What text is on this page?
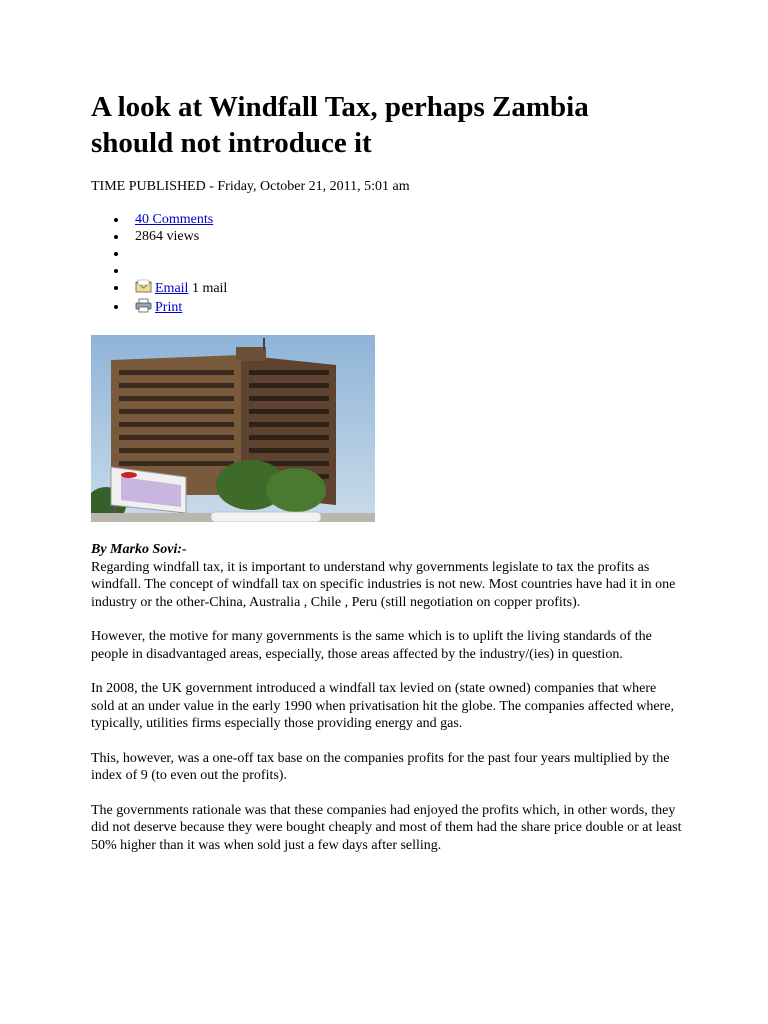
A look at Windfall Tax, perhaps Zambia should not introduce it
TIME PUBLISHED - Friday, October 21, 2011, 5:01 am
40 Comments
2864 views
Email 1 mail
Print
By Marko Sovi:-

Regarding windfall tax, it is important to understand why governments legislate to tax the profits as windfall. The concept of windfall tax on specific industries is not new. Most countries have had it in one industry or the other-China, Australia , Chile , Peru (still negotiation on copper profits).

However, the motive for many governments is the same which is to uplift the living standards of the people in disadvantaged areas, especially, those areas affected by the industry/(ies) in question.

In 2008, the UK government introduced a windfall tax levied on (state owned) companies that where sold at an under value in the early 1990 when privatisation hit the globe. The companies affected where, typically, utilities firms especially those providing energy and gas.

This, however, was a one-off tax base on the companies profits for the past four years multiplied by the index of 9 (to even out the profits).

The governments rationale was that these companies had enjoyed the profits which, in other words, they did not deserve because they were bought cheaply and most of them had the share price double or at least 50% higher than it was when sold just a few days after selling.
